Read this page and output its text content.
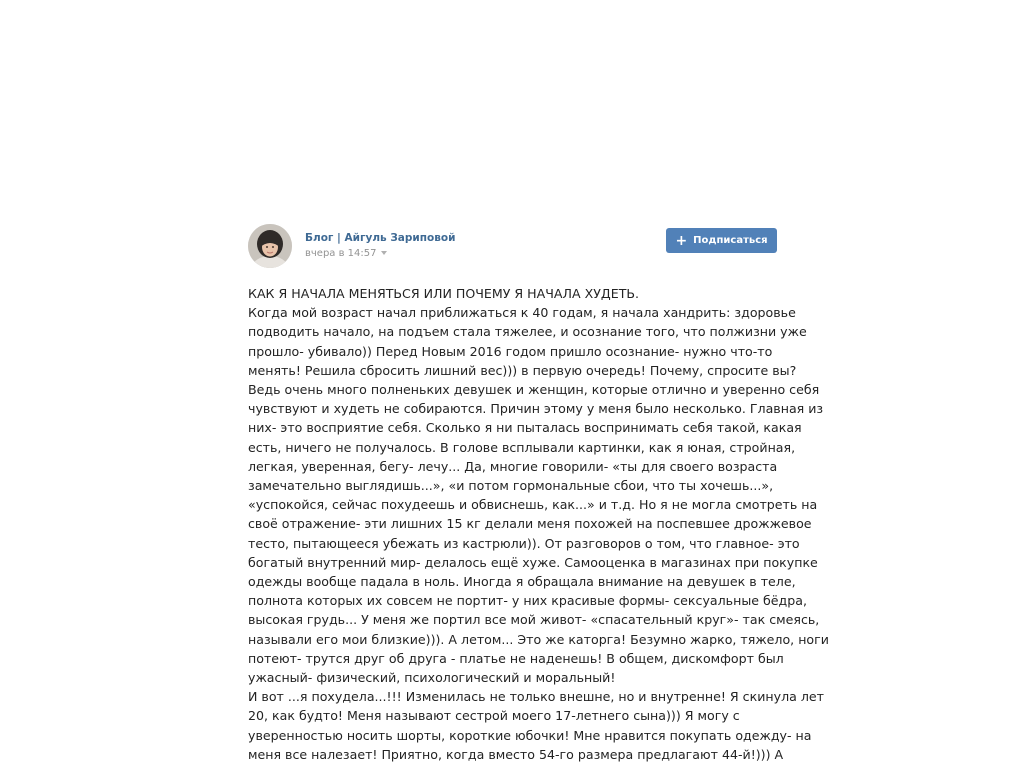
Блог | Айгуль Зариповой
вчера в 14:57
+ Подписаться

КАК Я НАЧАЛА МЕНЯТЬСЯ ИЛИ ПОЧЕМУ Я НАЧАЛА ХУДЕТЬ.

Когда мой возраст начал приближаться к 40 годам, я начала хандрить: здоровье

подводить начало, на подъем стала тяжелее, и осознание того, что полжизни уже

прошло- убивало)) Перед Новым 2016 годом пришло осознание- нужно что-то

менять! Решила сбросить лишний вес))) в первую очередь! Почему, спросите вы?

Ведь очень много полненьких девушек и женщин, которые отлично и уверенно себя

чувствуют и худеть не собираются. Причин этому у меня было несколько. Главная из

них- это восприятие себя. Сколько я ни пыталась воспринимать себя такой, какая

есть, ничего не получалось. В голове всплывали картинки, как я юная, стройная,

легкая, уверенная, бегу- лечу... Да, многие говорили- «ты для своего возраста

замечательно выглядишь...», «и потом гормональные сбои, что ты хочешь...»,

«успокойся, сейчас похудеешь и обвиснешь, как...» и т.д. Но я не могла смотреть на

своё отражение- эти лишних 15 кг делали меня похожей на поспевшее дрожжевое

тесто, пытающееся убежать из кастрюли)). От разговоров о том, что главное- это

богатый внутренний мир- делалось ещё хуже. Самооценка в магазинах при покупке

одежды вообще падала в ноль. Иногда я обращала внимание на девушек в теле,

полнота которых их совсем не портит- у них красивые формы- сексуальные бёдра,

высокая грудь... У меня же портил все мой живот- «спасательный круг»- так смеясь,

называли его мои близкие))). А летом... Это же каторга! Безумно жарко, тяжело, ноги

потеют- трутся друг об друга - платье не наденешь! В общем, дискомфорт был

ужасный- физический, психологический и моральный!

И вот ...я похудела...!!! Изменилась не только внешне, но и внутренне! Я скинула лет

20, как будто! Меня называют сестрой моего 17-летнего сына))) Я могу с

уверенностью носить шорты, короткие юбочки! Мне нравится покупать одежду- на

меня все налезает! Приятно, когда вместо 54-го размера предлагают 44-й!))) А
